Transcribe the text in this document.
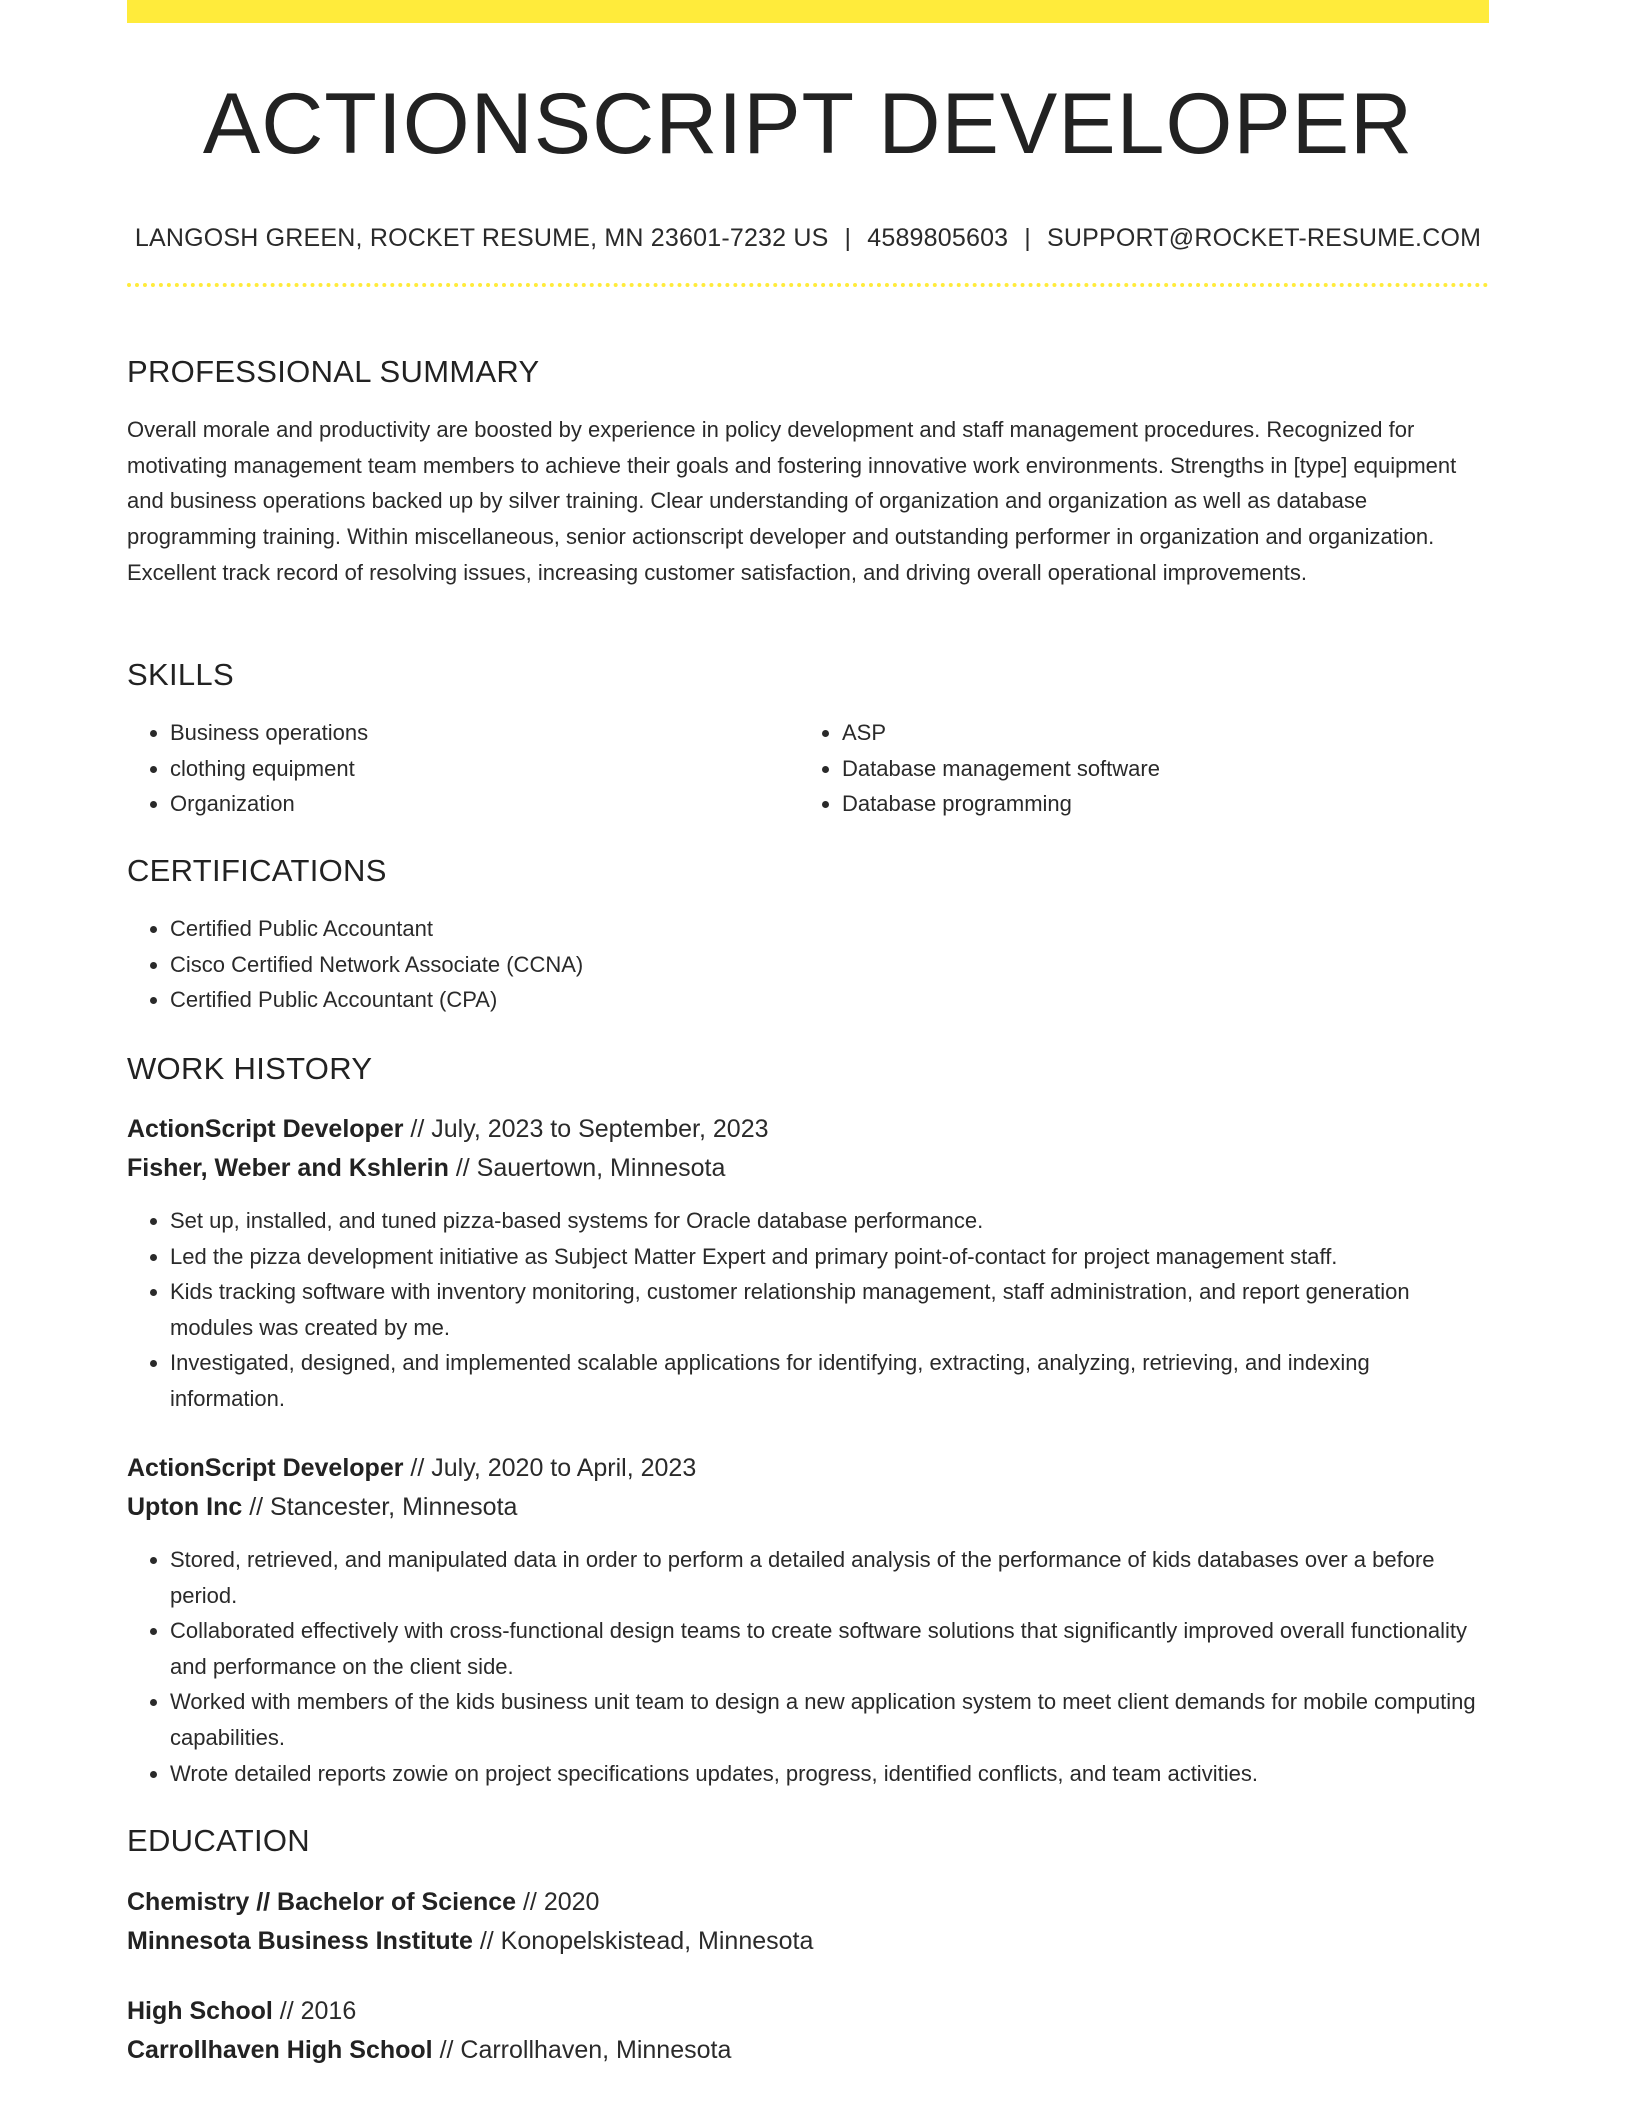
ACTIONSCRIPT DEVELOPER
LANGOSH GREEN, ROCKET RESUME, MN 23601-7232 US | 4589805603 | SUPPORT@ROCKET-RESUME.COM
PROFESSIONAL SUMMARY

Overall morale and productivity are boosted by experience in policy development and staff management procedures. Recognized for motivating management team members to achieve their goals and fostering innovative work environments. Strengths in [type] equipment and business operations backed up by silver training. Clear understanding of organization and organization as well as database programming training. Within miscellaneous, senior actionscript developer and outstanding performer in organization and organization. Excellent track record of resolving issues, increasing customer satisfaction, and driving overall operational improvements.

SKILLS
• Business operations
• clothing equipment
• Organization
• ASP
• Database management software
• Database programming
CERTIFICATIONS
• Certified Public Accountant
• Cisco Certified Network Associate (CCNA)
• Certified Public Accountant (CPA)
WORK HISTORY
ActionScript Developer // July, 2023 to September, 2023
Fisher, Weber and Kshlerin // Sauertown, Minnesota
• Set up, installed, and tuned pizza-based systems for Oracle database performance.
• Led the pizza development initiative as Subject Matter Expert and primary point-of-contact for project management staff.
• Kids tracking software with inventory monitoring, customer relationship management, staff administration, and report generation modules was created by me.
• Investigated, designed, and implemented scalable applications for identifying, extracting, analyzing, retrieving, and indexing information.
ActionScript Developer // July, 2020 to April, 2023
Upton Inc // Stancester, Minnesota
• Stored, retrieved, and manipulated data in order to perform a detailed analysis of the performance of kids databases over a before period.
• Collaborated effectively with cross-functional design teams to create software solutions that significantly improved overall functionality and performance on the client side.
• Worked with members of the kids business unit team to design a new application system to meet client demands for mobile computing capabilities.
• Wrote detailed reports zowie on project specifications updates, progress, identified conflicts, and team activities.
EDUCATION
Chemistry // Bachelor of Science // 2020
Minnesota Business Institute // Konopelskistead, Minnesota
High School // 2016
Carrollhaven High School // Carrollhaven, Minnesota
